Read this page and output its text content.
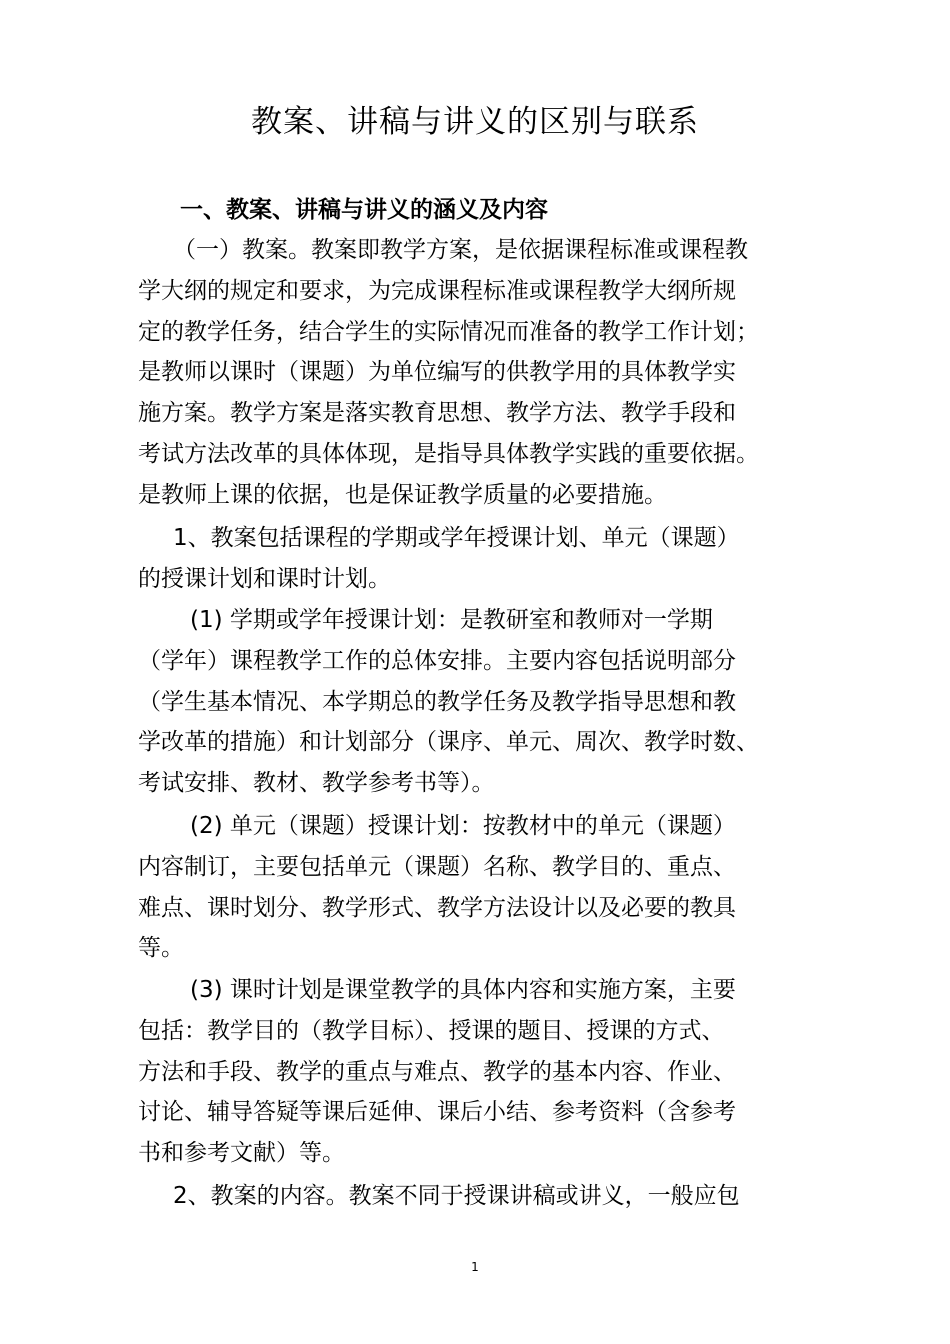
教案、讲稿与讲义的区别与联系
一、教案、讲稿与讲义的涵义及内容

（一）教案。教案即教学方案，是依据课程标准或课程教
学大纲的规定和要求，为完成课程标准或课程教学大纲所规
定的教学任务，结合学生的实际情况而准备的教学工作计划；
是教师以课时（课题）为单位编写的供教学用的具体教学实
施方案。教学方案是落实教育思想、教学方法、教学手段和
考试方法改革的具体体现，是指导具体教学实践的重要依据。
是教师上课的依据，也是保证教学质量的必要措施。

1、教案包括课程的学期或学年授课计划、单元（课题）
的授课计划和课时计划。

(1) 学期或学年授课计划：是教研室和教师对一学期
（学年）课程教学工作的总体安排。主要内容包括说明部分
（学生基本情况、本学期总的教学任务及教学指导思想和教
学改革的措施）和计划部分（课序、单元、周次、教学时数、
考试安排、教材、教学参考书等）。

(2) 单元（课题）授课计划：按教材中的单元（课题）
内容制订，主要包括单元（课题）名称、教学目的、重点、
难点、课时划分、教学形式、教学方法设计以及必要的教具
等。

(3) 课时计划是课堂教学的具体内容和实施方案，主要
包括：教学目的（教学目标）、授课的题目、授课的方式、
方法和手段、教学的重点与难点、教学的基本内容、作业、
讨论、辅导答疑等课后延伸、课后小结、参考资料（含参考
书和参考文献）等。

2、教案的内容。教案不同于授课讲稿或讲义，一般应包

1
